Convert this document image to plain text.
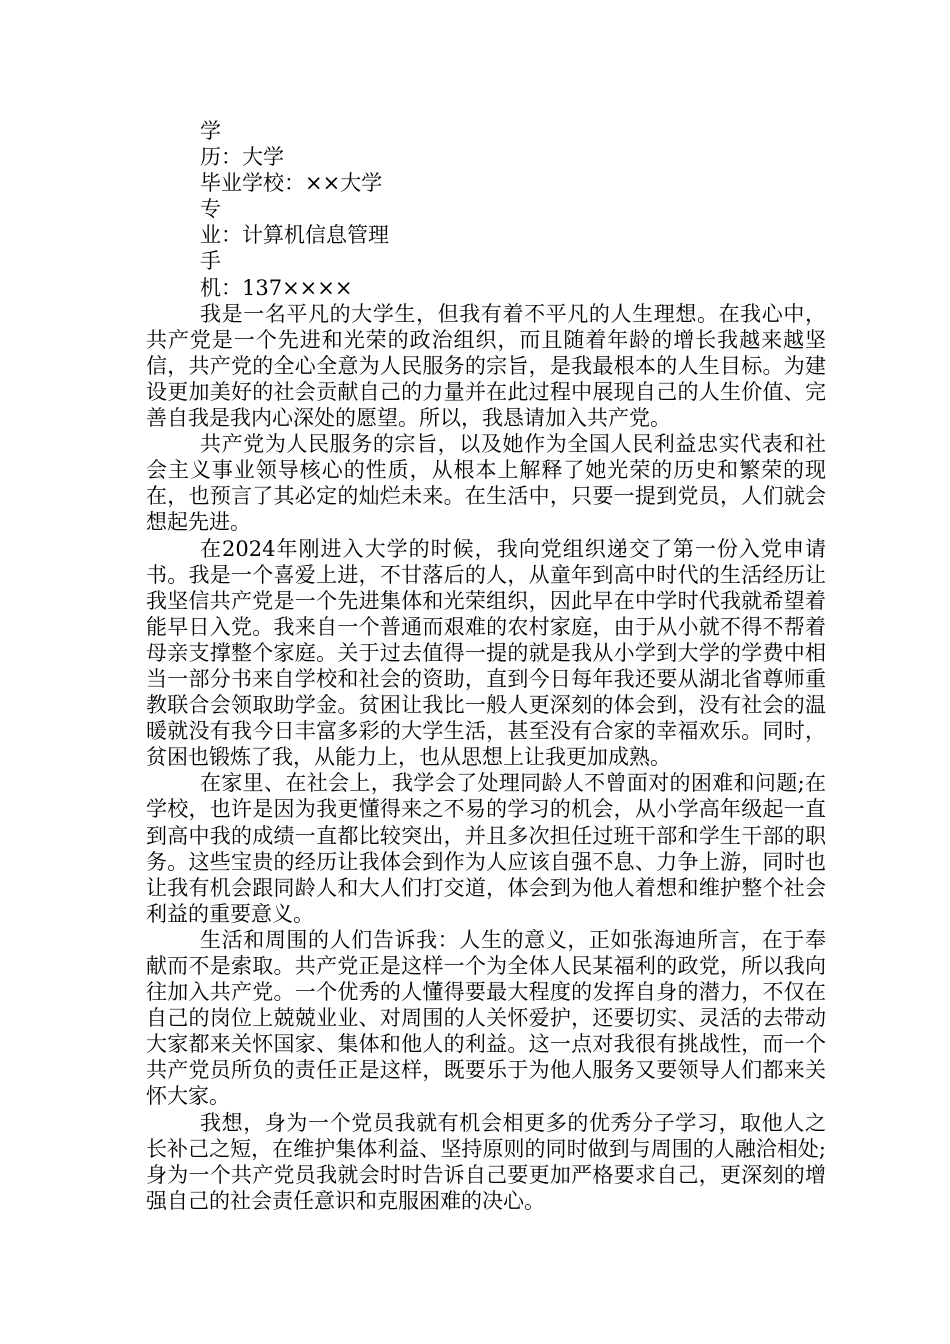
学

历：大学

毕业学校：××大学

专

业：计算机信息管理

手

机：137××××

我是一名平凡的大学生，但我有着不平凡的人生理想。在我心中，共产党是一个先进和光荣的政治组织，而且随着年龄的增长我越来越坚信，共产党的全心全意为人民服务的宗旨，是我最根本的人生目标。为建设更加美好的社会贡献自己的力量并在此过程中展现自己的人生价值、完善自我是我内心深处的愿望。所以，我恳请加入共产党。

共产党为人民服务的宗旨，以及她作为全国人民利益忠实代表和社会主义事业领导核心的性质，从根本上解释了她光荣的历史和繁荣的现在，也预言了其必定的灿烂未来。在生活中，只要一提到党员，人们就会想起先进。

在2024年刚进入大学的时候，我向党组织递交了第一份入党申请书。我是一个喜爱上进，不甘落后的人，从童年到高中时代的生活经历让我坚信共产党是一个先进集体和光荣组织，因此早在中学时代我就希望着能早日入党。我来自一个普通而艰难的农村家庭，由于从小就不得不帮着母亲支撑整个家庭。关于过去值得一提的就是我从小学到大学的学费中相当一部分书来自学校和社会的资助，直到今日每年我还要从湖北省尊师重教联合会领取助学金。贫困让我比一般人更深刻的体会到，没有社会的温暖就没有我今日丰富多彩的大学生活，甚至没有合家的幸福欢乐。同时，贫困也锻炼了我，从能力上，也从思想上让我更加成熟。

在家里、在社会上，我学会了处理同龄人不曾面对的困难和问题;在学校，也许是因为我更懂得来之不易的学习的机会，从小学高年级起一直到高中我的成绩一直都比较突出，并且多次担任过班干部和学生干部的职务。这些宝贵的经历让我体会到作为人应该自强不息、力争上游，同时也让我有机会跟同龄人和大人们打交道，体会到为他人着想和维护整个社会利益的重要意义。

生活和周围的人们告诉我：人生的意义，正如张海迪所言，在于奉献而不是索取。共产党正是这样一个为全体人民某福利的政党，所以我向往加入共产党。一个优秀的人懂得要最大程度的发挥自身的潜力，不仅在自己的岗位上兢兢业业、对周围的人关怀爱护，还要切实、灵活的去带动大家都来关怀国家、集体和他人的利益。这一点对我很有挑战性，而一个共产党员所负的责任正是这样，既要乐于为他人服务又要领导人们都来关怀大家。

我想，身为一个党员我就有机会相更多的优秀分子学习，取他人之长补己之短，在维护集体利益、坚持原则的同时做到与周围的人融洽相处;身为一个共产党员我就会时时告诉自己要更加严格要求自己，更深刻的增强自己的社会责任意识和克服困难的决心。
